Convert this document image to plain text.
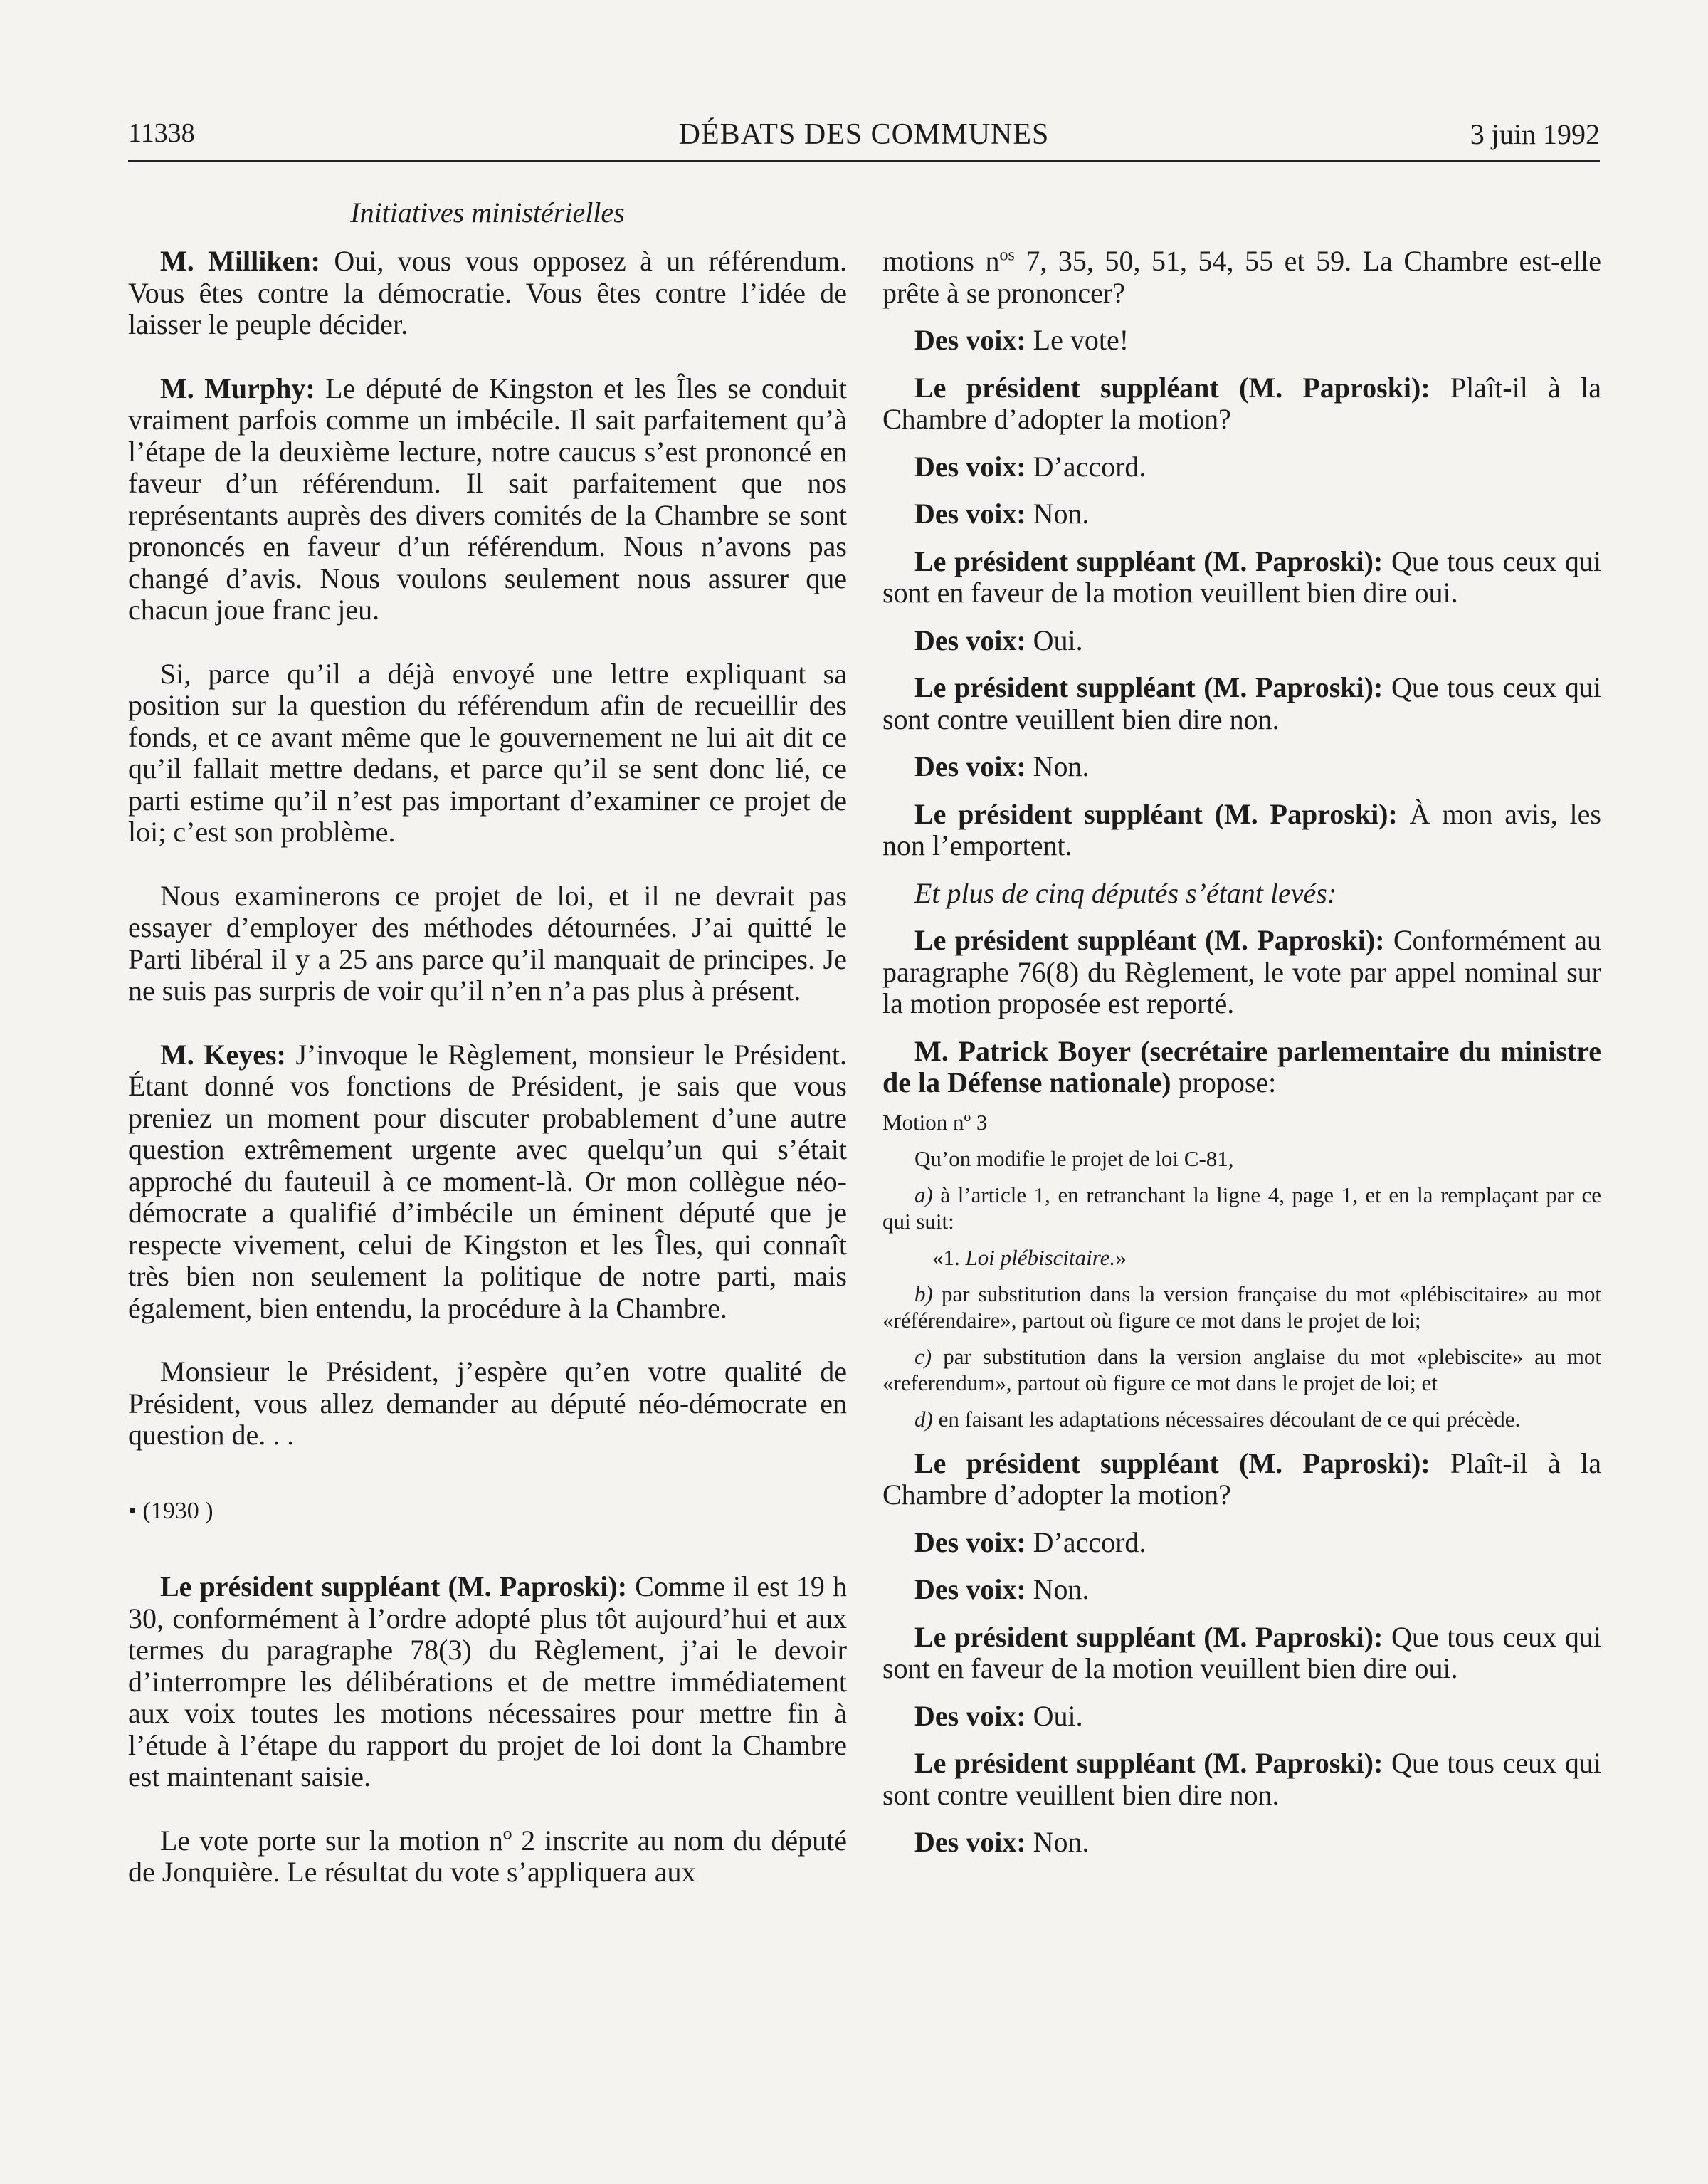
11338	DÉBATS DES COMMUNES	3 juin 1992
Initiatives ministérielles

M. Milliken: Oui, vous vous opposez à un référendum. Vous êtes contre la démocratie. Vous êtes contre l’idée de laisser le peuple décider.

M. Murphy: Le député de Kingston et les Îles se conduit vraiment parfois comme un imbécile. Il sait parfaitement qu’à l’étape de la deuxième lecture, notre caucus s’est prononcé en faveur d’un référendum. Il sait parfaitement que nos représentants auprès des divers comités de la Chambre se sont prononcés en faveur d’un référendum. Nous n’avons pas changé d’avis. Nous voulons seulement nous assurer que chacun joue franc jeu.

Si, parce qu’il a déjà envoyé une lettre expliquant sa position sur la question du référendum afin de recueillir des fonds, et ce avant même que le gouvernement ne lui ait dit ce qu’il fallait mettre dedans, et parce qu’il se sent donc lié, ce parti estime qu’il n’est pas important d’examiner ce projet de loi; c’est son problème.

Nous examinerons ce projet de loi, et il ne devrait pas essayer d’employer des méthodes détournées. J’ai quitté le Parti libéral il y a 25 ans parce qu’il manquait de principes. Je ne suis pas surpris de voir qu’il n’en n’a pas plus à présent.

M. Keyes: J’invoque le Règlement, monsieur le Président. Étant donné vos fonctions de Président, je sais que vous preniez un moment pour discuter probablement d’une autre question extrêmement urgente avec quelqu’un qui s’était approché du fauteuil à ce moment-là. Or mon collègue néo-démocrate a qualifié d’imbécile un éminent député que je respecte vivement, celui de Kingston et les Îles, qui connaît très bien non seulement la politique de notre parti, mais également, bien entendu, la procédure à la Chambre.

Monsieur le Président, j’espère qu’en votre qualité de Président, vous allez demander au député néo-démocrate en question de. . .

• (1930 )

Le président suppléant (M. Paproski): Comme il est 19 h 30, conformément à l’ordre adopté plus tôt aujourd’hui et aux termes du paragraphe 78(3) du Règlement, j’ai le devoir d’interrompre les délibérations et de mettre immédiatement aux voix toutes les motions nécessaires pour mettre fin à l’étude à l’étape du rapport du projet de loi dont la Chambre est maintenant saisie.

Le vote porte sur la motion nº 2 inscrite au nom du député de Jonquière. Le résultat du vote s’appliquera aux

motions $n^{os}$ 7, 35, 50, 51, 54, 55 et 59. La Chambre est-elle prête à se prononcer?

Des voix: Le vote!

Le président suppléant (M. Paproski): Plaît-il à la Chambre d’adopter la motion?

Des voix: D’accord.

Des voix: Non.

Le président suppléant (M. Paproski): Que tous ceux qui sont en faveur de la motion veuillent bien dire oui.

Des voix: Oui.

Le président suppléant (M. Paproski): Que tous ceux qui sont contre veuillent bien dire non.

Des voix: Non.

Le président suppléant (M. Paproski): À mon avis, les non l’emportent.

Et plus de cinq députés s’étant levés:

Le président suppléant (M. Paproski): Conformément au paragraphe 76(8) du Règlement, le vote par appel nominal sur la motion proposée est reporté.

M. Patrick Boyer (secrétaire parlementaire du ministre de la Défense nationale) propose:

Motion nº 3

Qu’on modifie le projet de loi C-81,

a) à l’article 1, en retranchant la ligne 4, page 1, et en la remplaçant par ce qui suit:

«1. Loi plébiscitaire.»

b) par substitution dans la version française du mot «plébiscitaire» au mot «référendaire», partout où figure ce mot dans le projet de loi;

c) par substitution dans la version anglaise du mot «plebiscite» au mot «referendum», partout où figure ce mot dans le projet de loi; et

d) en faisant les adaptations nécessaires découlant de ce qui précède.

Le président suppléant (M. Paproski): Plaît-il à la Chambre d’adopter la motion?

Des voix: D’accord.

Des voix: Non.

Le président suppléant (M. Paproski): Que tous ceux qui sont en faveur de la motion veuillent bien dire oui.

Des voix: Oui.

Le président suppléant (M. Paproski): Que tous ceux qui sont contre veuillent bien dire non.

Des voix: Non.
